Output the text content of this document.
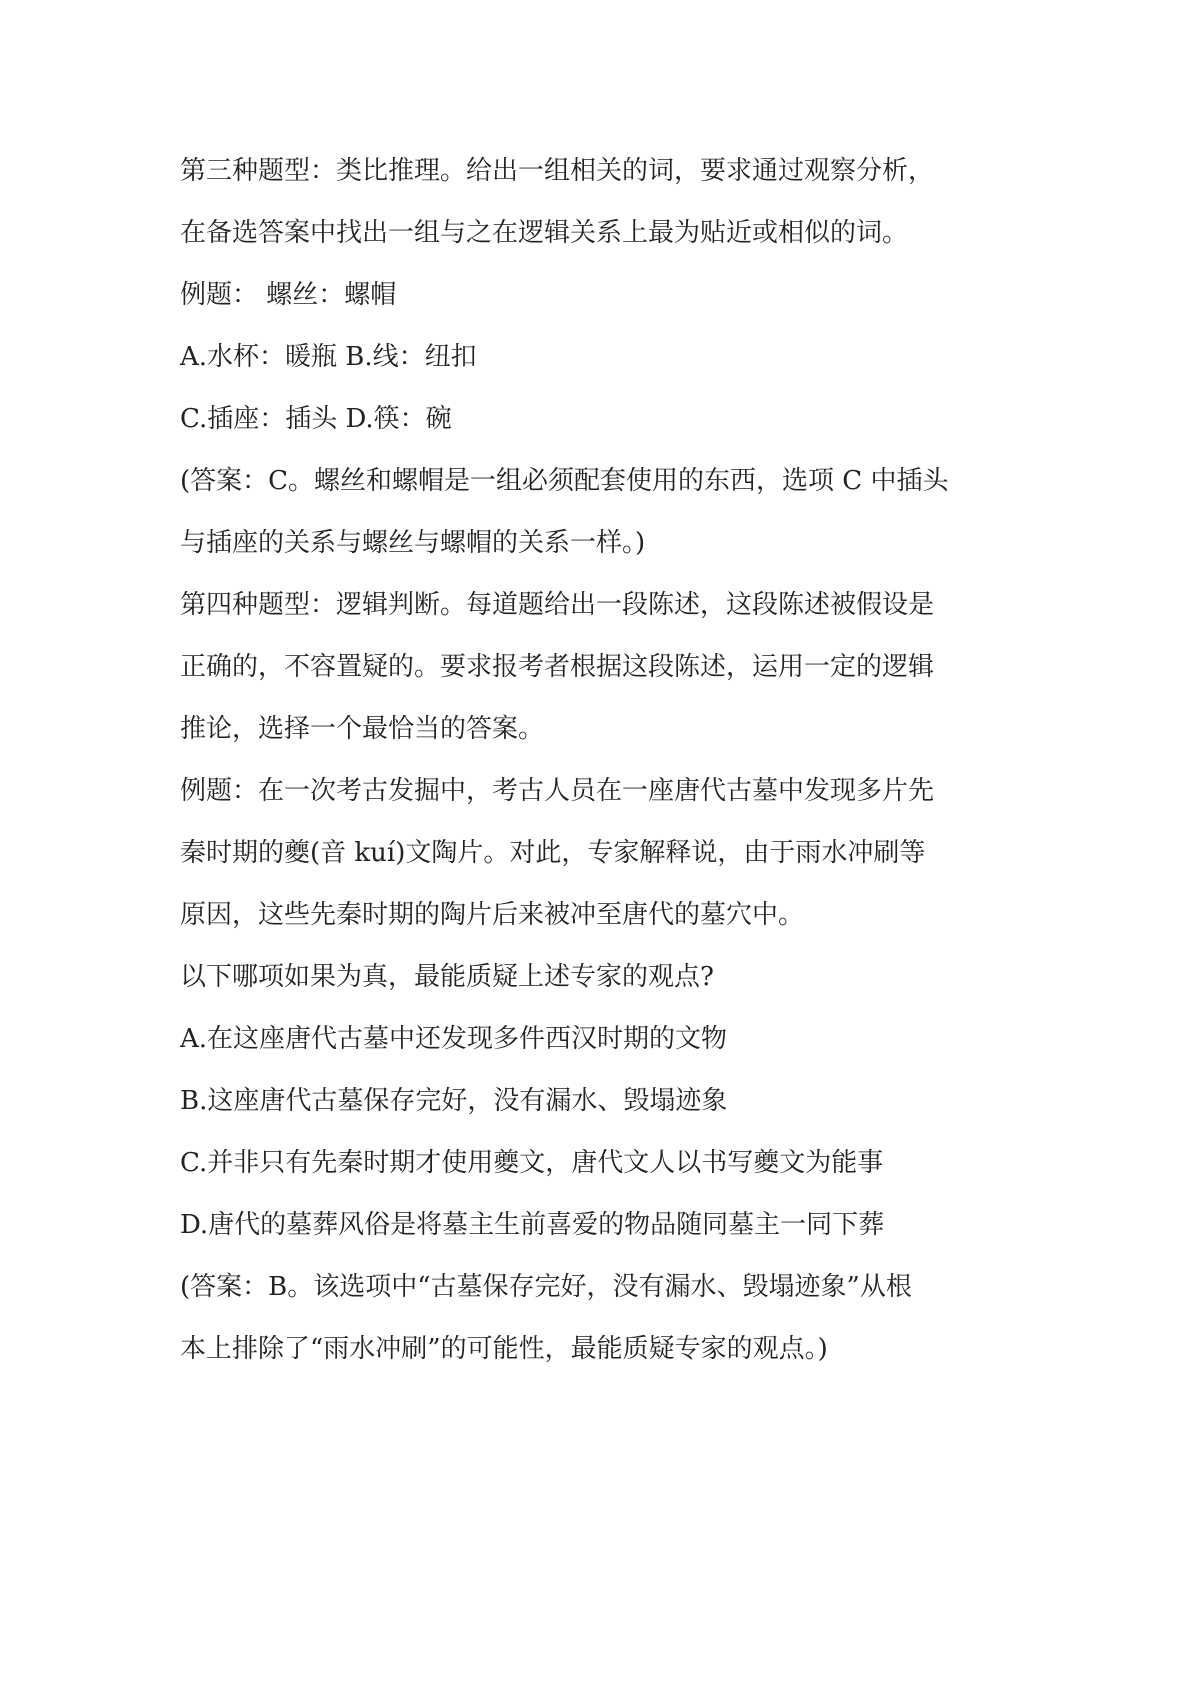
第三种题型：类比推理。给出一组相关的词，要求通过观察分析，

在备选答案中找出一组与之在逻辑关系上最为贴近或相似的词。

例题： 螺丝：螺帽

A.水杯：暖瓶 B.线：纽扣

C.插座：插头 D.筷：碗

(答案：C。螺丝和螺帽是一组必须配套使用的东西，选项 C 中插头

与插座的关系与螺丝与螺帽的关系一样。)

第四种题型：逻辑判断。每道题给出一段陈述，这段陈述被假设是

正确的，不容置疑的。要求报考者根据这段陈述，运用一定的逻辑

推论，选择一个最恰当的答案。

例题：在一次考古发掘中，考古人员在一座唐代古墓中发现多片先

秦时期的夔(音 kuí)文陶片。对此，专家解释说，由于雨水冲刷等

原因，这些先秦时期的陶片后来被冲至唐代的墓穴中。

以下哪项如果为真，最能质疑上述专家的观点?

A.在这座唐代古墓中还发现多件西汉时期的文物

B.这座唐代古墓保存完好，没有漏水、毁塌迹象

C.并非只有先秦时期才使用夔文，唐代文人以书写夔文为能事

D.唐代的墓葬风俗是将墓主生前喜爱的物品随同墓主一同下葬

(答案：B。该选项中“古墓保存完好，没有漏水、毁塌迹象”从根

本上排除了“雨水冲刷”的可能性，最能质疑专家的观点。)
